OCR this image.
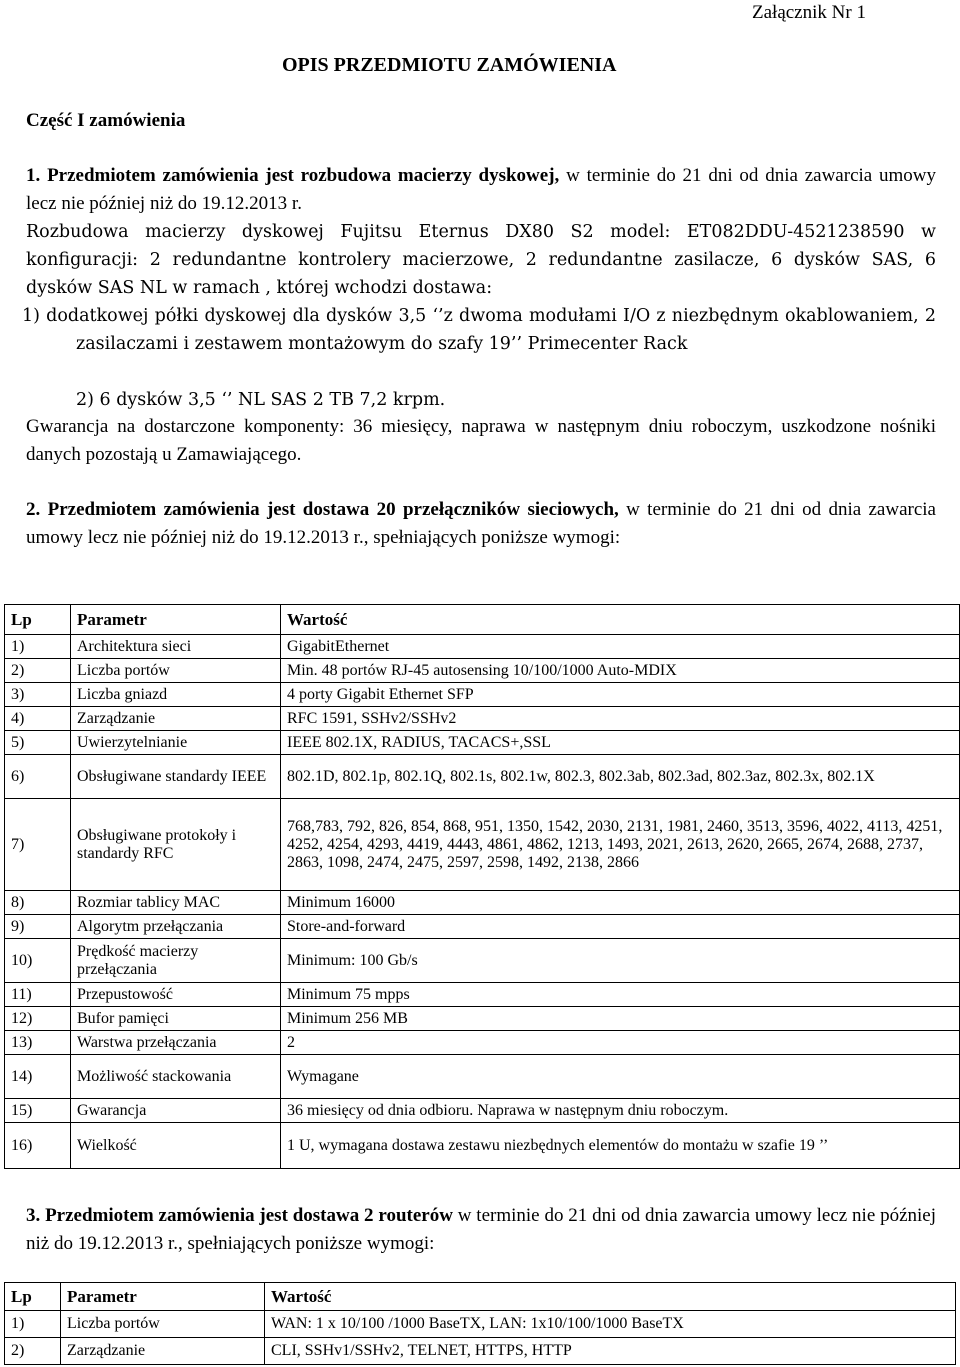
Załącznik Nr 1
OPIS PRZEDMIOTU ZAMÓWIENIA
Część I zamówienia
1. Przedmiotem zamówienia jest rozbudowa macierzy dyskowej, w terminie do 21 dni od dnia zawarcia umowy lecz nie później niż do 19.12.2013 r.
Rozbudowa macierzy dyskowej Fujitsu Eternus DX80 S2 model: ET082DDU-4521238590 w konfiguracji: 2 redundantne kontrolery macierzowe, 2 redundantne zasilacze, 6 dysków SAS, 6 dysków SAS NL w ramach , której wchodzi dostawa:
1) dodatkowej półki dyskowej dla dysków 3,5 ‘’z dwoma modułami I/O z niezbędnym okablowaniem, 2 zasilaczami i zestawem montażowym do szafy 19’’ Primecenter Rack
2) 6 dysków 3,5 ‘’ NL SAS 2 TB 7,2 krpm.
Gwarancja na dostarczone komponenty: 36 miesięcy, naprawa w następnym dniu roboczym, uszkodzone nośniki danych pozostają u Zamawiającego.
2. Przedmiotem zamówienia jest dostawa 20 przełączników sieciowych, w terminie do 21 dni od dnia zawarcia umowy lecz nie później niż do 19.12.2013 r., spełniających poniższe wymogi:
Lp	Parametr	Wartość
1)	Architektura sieci	GigabitEthernet
2)	Liczba portów	Min. 48 portów RJ-45 autosensing 10/100/1000 Auto-MDIX
3)	Liczba gniazd	4 porty Gigabit Ethernet SFP
4)	Zarządzanie	RFC 1591, SSHv2/SSHv2
5)	Uwierzytelnianie	IEEE 802.1X, RADIUS, TACACS+,SSL
6)	Obsługiwane standardy IEEE	802.1D, 802.1p, 802.1Q, 802.1s, 802.1w, 802.3, 802.3ab, 802.3ad, 802.3az, 802.3x, 802.1X
7)	Obsługiwane protokoły i standardy RFC	768,783, 792, 826, 854, 868, 951, 1350, 1542, 2030, 2131, 1981, 2460, 3513, 3596, 4022, 4113, 4251, 4252, 4254, 4293, 4419, 4443, 4861, 4862, 1213, 1493, 2021, 2613, 2620, 2665, 2674, 2688, 2737, 2863, 1098, 2474, 2475, 2597, 2598, 1492, 2138, 2866
8)	Rozmiar tablicy MAC	Minimum 16000
9)	Algorytm przełączania	Store-and-forward
10)	Prędkość macierzy przełączania	Minimum: 100 Gb/s
11)	Przepustowość	Minimum 75 mpps
12)	Bufor pamięci	Minimum 256 MB
13)	Warstwa przełączania	2
14)	Możliwość stackowania	Wymagane
15)	Gwarancja	36 miesięcy od dnia odbioru. Naprawa w następnym dniu roboczym.
16)	Wielkość	1 U, wymagana dostawa zestawu niezbędnych elementów do montażu w szafie 19 ’’
3. Przedmiotem zamówienia jest dostawa 2 routerów w terminie do 21 dni od dnia zawarcia umowy lecz nie później niż do 19.12.2013 r., spełniających poniższe wymogi:
Lp	Parametr	Wartość
1)	Liczba portów	WAN: 1 x 10/100 /1000 BaseTX, LAN: 1x10/100/1000 BaseTX
2)	Zarządzanie	CLI, SSHv1/SSHv2, TELNET, HTTPS, HTTP
